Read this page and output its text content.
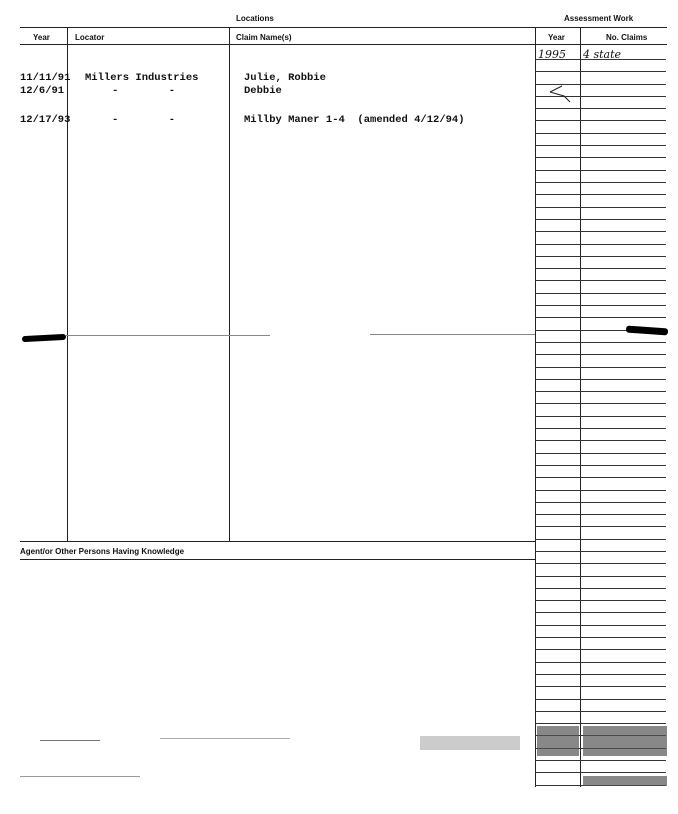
Locations	Assessment Work
Year	Locator	Claim Name(s)	Year	No. Claims
Agent/or Other Persons Having Knowledge
1995 4 state
11/11/91 Millers Industries	Julie, Robbie
12/6/91	-        -	Debbie
12/17/93	-        -	Millby Maner 1-4  (amended 4/12/94)
